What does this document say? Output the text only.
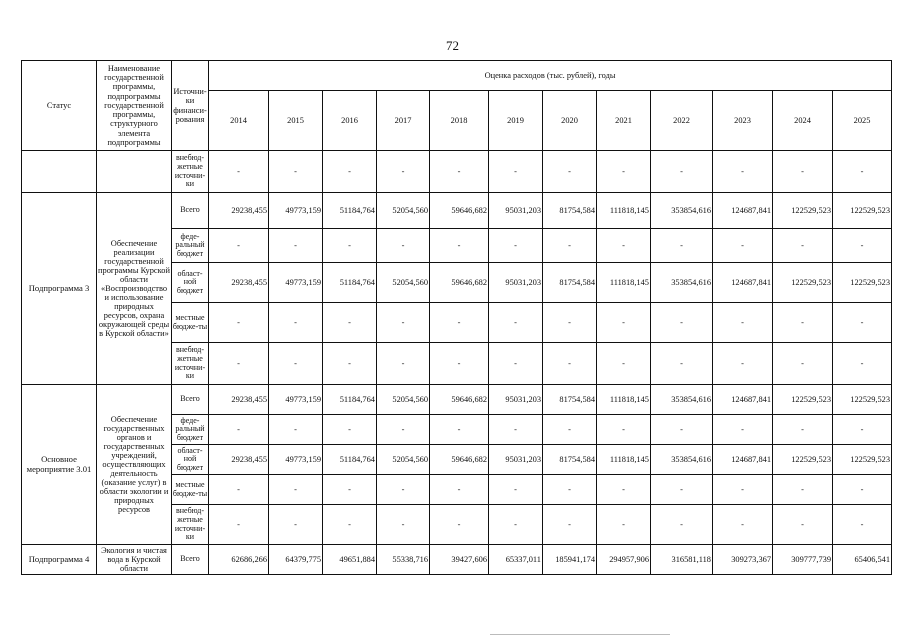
72
Статус	Наименование государственной программы, подпрограммы государственной программы, структурного элемента подпрограммы	Источни-ки финанси-рования	Оценка расходов (тыс. рублей), годы											
			2014	2015	2016	2017	2018	2019	2020	2021	2022	2023	2024	2025
		внебюд-жетные источни-ки	-	-	-	-	-	-	-	-	-	-	-	-
Подпрограмма 3	Обеспечение реализации государственной программы Курской области «Воспроизводство и использование природных ресурсов, охрана окружающей среды в Курской области»	Всего	29238,455	49773,159	51184,764	52054,560	59646,682	95031,203	81754,584	111818,145	353854,616	124687,841	122529,523	122529,523
		феде-ральный бюджет	-	-	-	-	-	-	-	-	-	-	-	-
		област-ной бюджет	29238,455	49773,159	51184,764	52054,560	59646,682	95031,203	81754,584	111818,145	353854,616	124687,841	122529,523	122529,523
		местные бюдже-ты	-	-	-	-	-	-	-	-	-	-	-	-
		внебюд-жетные источни-ки	-	-	-	-	-	-	-	-	-	-	-	-
Основное мероприятие 3.01	Обеспечение государственных органов и государственных учреждений, осуществляющих деятельность (оказание услуг) в области экологии и природных ресурсов	Всего	29238,455	49773,159	51184,764	52054,560	59646,682	95031,203	81754,584	111818,145	353854,616	124687,841	122529,523	122529,523
		феде-ральный бюджет	-	-	-	-	-	-	-	-	-	-	-	-
		област-ной бюджет	29238,455	49773,159	51184,764	52054,560	59646,682	95031,203	81754,584	111818,145	353854,616	124687,841	122529,523	122529,523
		местные бюдже-ты	-	-	-	-	-	-	-	-	-	-	-	-
		внебюд-жетные источни-ки	-	-	-	-	-	-	-	-	-	-	-	-
Подпрограмма 4	Экология и чистая вода в Курской области	Всего	62686,266	64379,775	49651,884	55338,716	39427,606	65337,011	185941,174	294957,906	316581,118	309273,367	309777,739	65406,541
